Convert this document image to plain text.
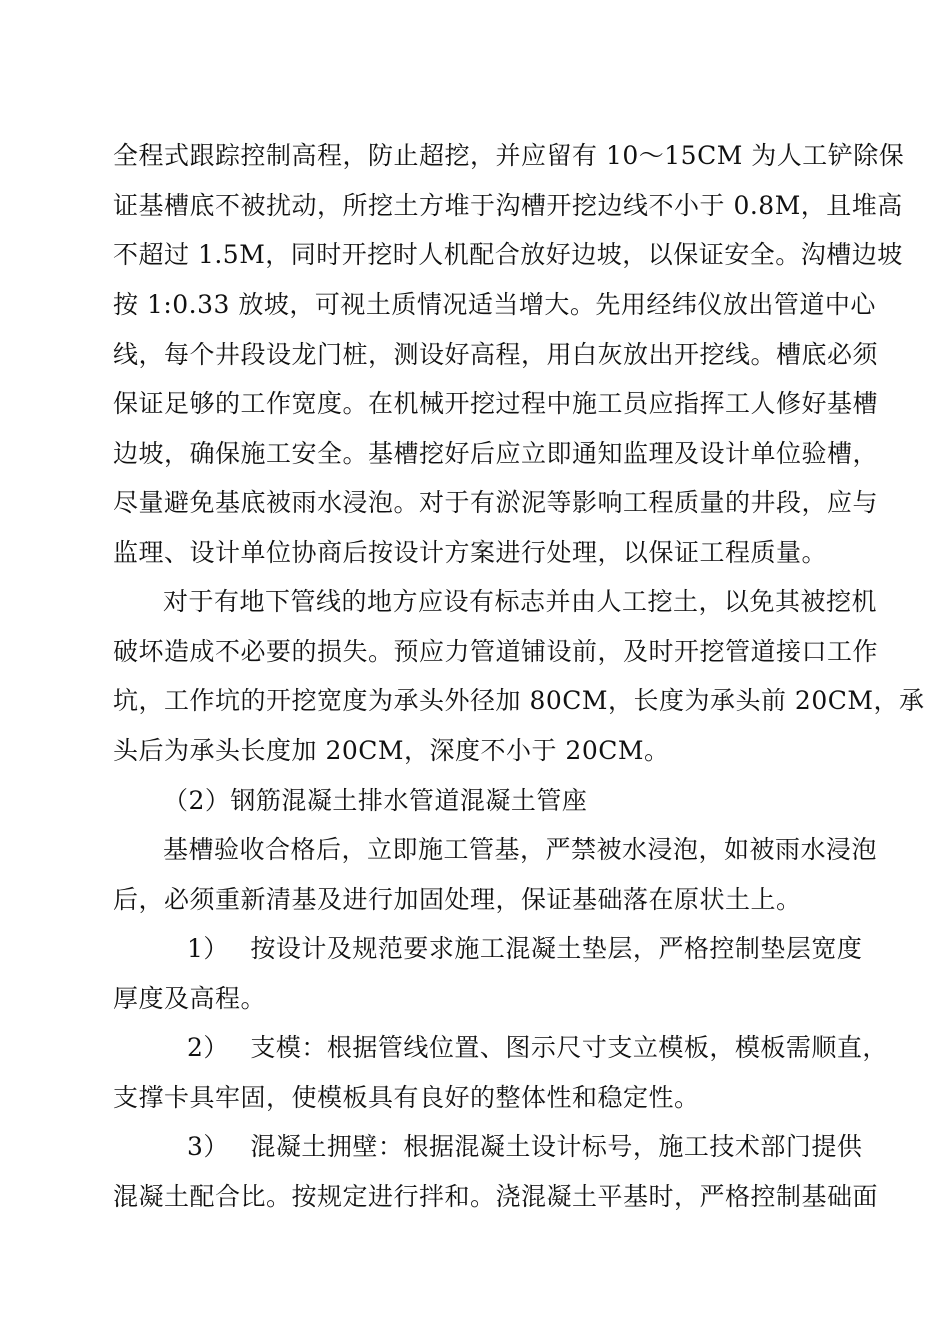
全程式跟踪控制高程，防止超挖，并应留有 10～15CM 为人工铲除保
证基槽底不被扰动，所挖土方堆于沟槽开挖边线不小于 0.8M，且堆高
不超过 1.5M，同时开挖时人机配合放好边坡，以保证安全。沟槽边坡
按 1:0.33 放坡，可视土质情况适当增大。先用经纬仪放出管道中心
线，每个井段设龙门桩，测设好高程，用白灰放出开挖线。槽底必须
保证足够的工作宽度。在机械开挖过程中施工员应指挥工人修好基槽
边坡，确保施工安全。基槽挖好后应立即通知监理及设计单位验槽，
尽量避免基底被雨水浸泡。对于有淤泥等影响工程质量的井段，应与
监理、设计单位协商后按设计方案进行处理，以保证工程质量。
对于有地下管线的地方应设有标志并由人工挖土，以免其被挖机
破坏造成不必要的损失。预应力管道铺设前，及时开挖管道接口工作
坑，工作坑的开挖宽度为承头外径加 80CM，长度为承头前 20CM，承
头后为承头长度加 20CM，深度不小于 20CM。
（2）钢筋混凝土排水管道混凝土管座
基槽验收合格后，立即施工管基，严禁被水浸泡，如被雨水浸泡
后，必须重新清基及进行加固处理，保证基础落在原状土上。
1）　 按设计及规范要求施工混凝土垫层，严格控制垫层宽度
厚度及高程。
2）　 支模：根据管线位置、图示尺寸支立模板，模板需顺直，
支撑卡具牢固，使模板具有良好的整体性和稳定性。
3）　 混凝土拥壁：根据混凝土设计标号，施工技术部门提供
混凝土配合比。按规定进行拌和。浇混凝土平基时，严格控制基础面
